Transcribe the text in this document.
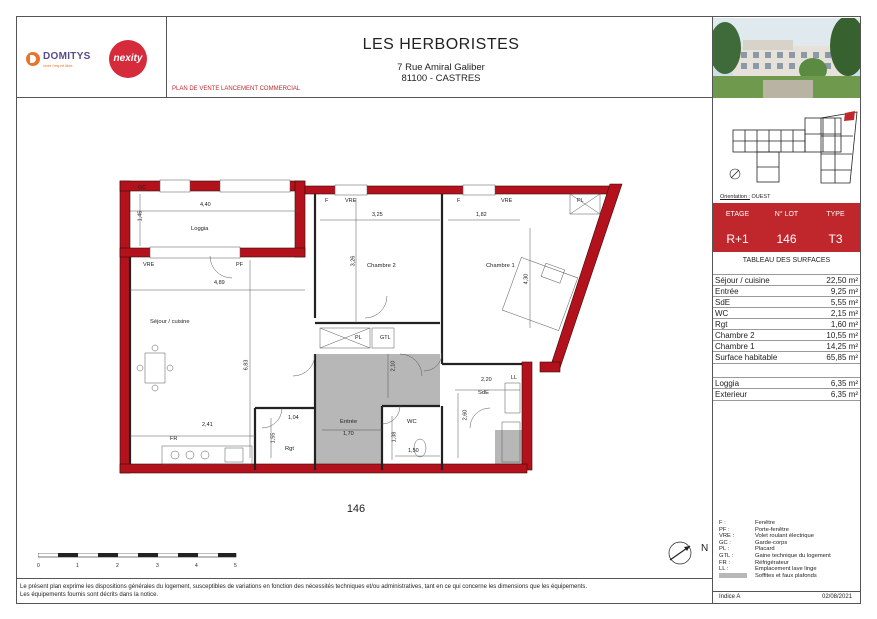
DOMITYS
vivre l'esprit libre
nexity
LES HERBORISTES
7 Rue Amiral Galiber
81100 - CASTRES
PLAN DE VENTE LANCEMENT COMMERCIAL
Orientation : OUEST
ETAGE	N° LOT	TYPE
R+1	146	T3
TABLEAU DES SURFACES
Séjour / cuisine	22,50 m²
Entrée	9,25 m²
SdE	5,55 m²
WC	2,15 m²
Rgt	1,60 m²
Chambre 2	10,55 m²
Chambre 1	14,25 m²
Surface habitable	65,85 m²
Loggia	6,35 m²
Exterieur	6,35 m²
Loggia
Séjour / cuisine
Chambre 2	Chambre 1
Entrée
SdE
WC
Rgt
4,40
1,45
4,89
3,25
3,26
1,82
4,30
6,83
2,41
1,04
1,55	1,70	1,38
1,50
2,20
2,60
2,10
GC
VRE	PF
F	VRE	F	VRE	PL
PL	GTL
LL
FR
146
0	1	2	3	4	5
N
F :	Fenêtre
PF :	Porte-fenêtre
VRE :	Volet roulant électrique
GC :	Garde-corps
PL :	Placard
GTL :	Gaine technique du logement
FR :	Réfrigérateur
LL :	Emplacement lave linge
Soffites et faux plafonds
Le présent plan exprime les dispositions générales du logement, susceptibles de variations en fonction des nécessités techniques et/ou administratives, tant en ce qui concerne les dimensions que les équipements.
Les équipements fournis sont décrits dans la notice.	Indice A	02/08/2021
